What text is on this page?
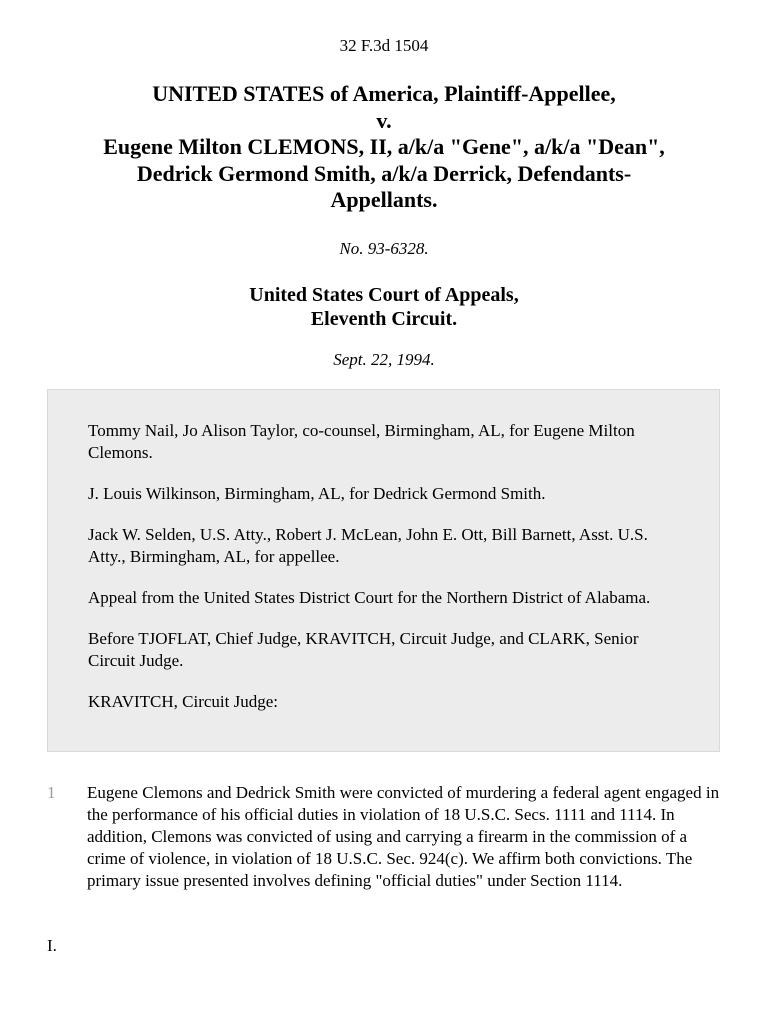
32 F.3d 1504
UNITED STATES of America, Plaintiff-Appellee,
v.
Eugene Milton CLEMONS, II, a/k/a "Gene", a/k/a "Dean",
Dedrick Germond Smith, a/k/a Derrick, Defendants-
Appellants.
No. 93-6328.
United States Court of Appeals,
Eleventh Circuit.
Sept. 22, 1994.

Tommy Nail, Jo Alison Taylor, co-counsel, Birmingham, AL, for Eugene Milton Clemons.

J. Louis Wilkinson, Birmingham, AL, for Dedrick Germond Smith.

Jack W. Selden, U.S. Atty., Robert J. McLean, John E. Ott, Bill Barnett, Asst. U.S. Atty., Birmingham, AL, for appellee.

Appeal from the United States District Court for the Northern District of Alabama.

Before TJOFLAT, Chief Judge, KRAVITCH, Circuit Judge, and CLARK, Senior Circuit Judge.

KRAVITCH, Circuit Judge:

1	Eugene Clemons and Dedrick Smith were convicted of murdering a federal agent engaged in the performance of his official duties in violation of 18 U.S.C. Secs. 1111 and 1114. In addition, Clemons was convicted of using and carrying a firearm in the commission of a crime of violence, in violation of 18 U.S.C. Sec. 924(c). We affirm both convictions. The primary issue presented involves defining "official duties" under Section 1114.
I.
